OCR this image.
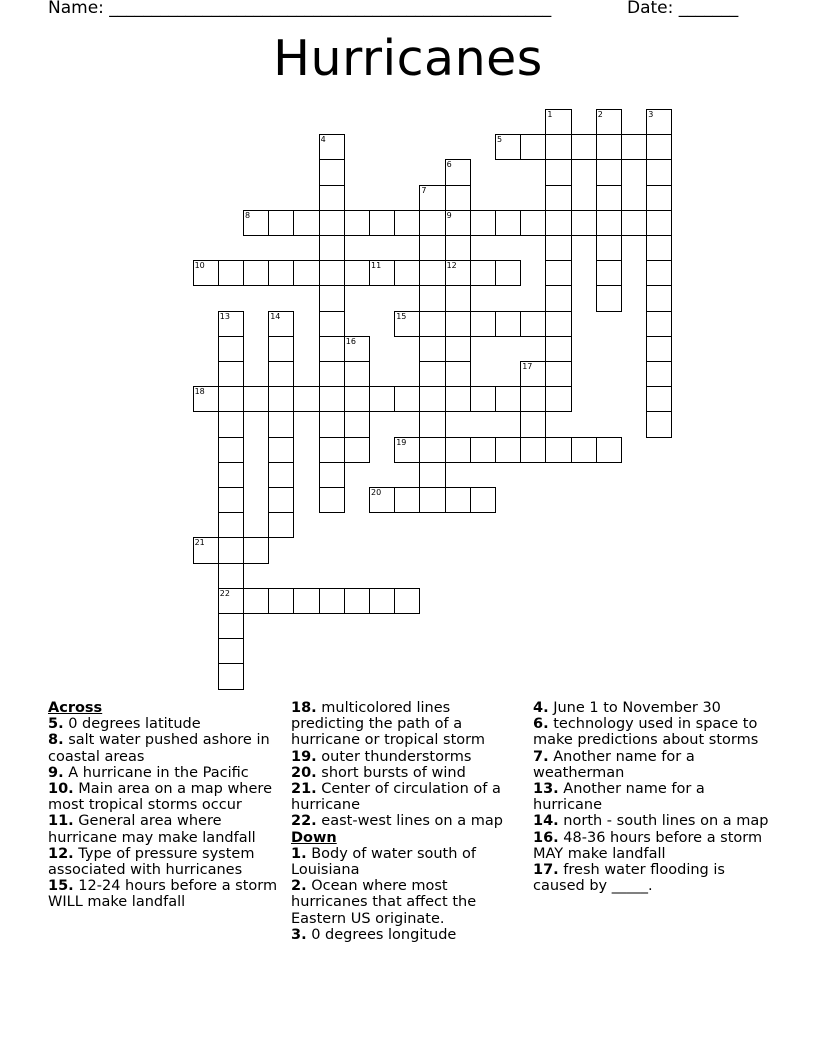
Name: ____________________________________________________	Date: _______
Hurricanes
1	2	3
4	5
6
9
12
7
8
10	11
13	14	15
16
17
18
19
20
21
22
Across
5. 0 degrees latitude
8. salt water pushed ashore in coastal areas
9. A hurricane in the Pacific
10. Main area on a map where most tropical storms occur
11. General area where hurricane may make landfall
12. Type of pressure system associated with hurricanes
15. 12-24 hours before a storm WILL make landfall
18. multicolored lines predicting the path of a hurricane or tropical storm
19. outer thunderstorms
20. short bursts of wind
21. Center of circulation of a hurricane
22. east-west lines on a map
Down
1. Body of water south of Louisiana
2. Ocean where most hurricanes that affect the Eastern US originate.
3. 0 degrees longitude
4. June 1 to November 30
6. technology used in space to make predictions about storms
7. Another name for a weatherman
13. Another name for a hurricane
14. north - south lines on a map
16. 48-36 hours before a storm MAY make landfall
17. fresh water flooding is caused by _____.
